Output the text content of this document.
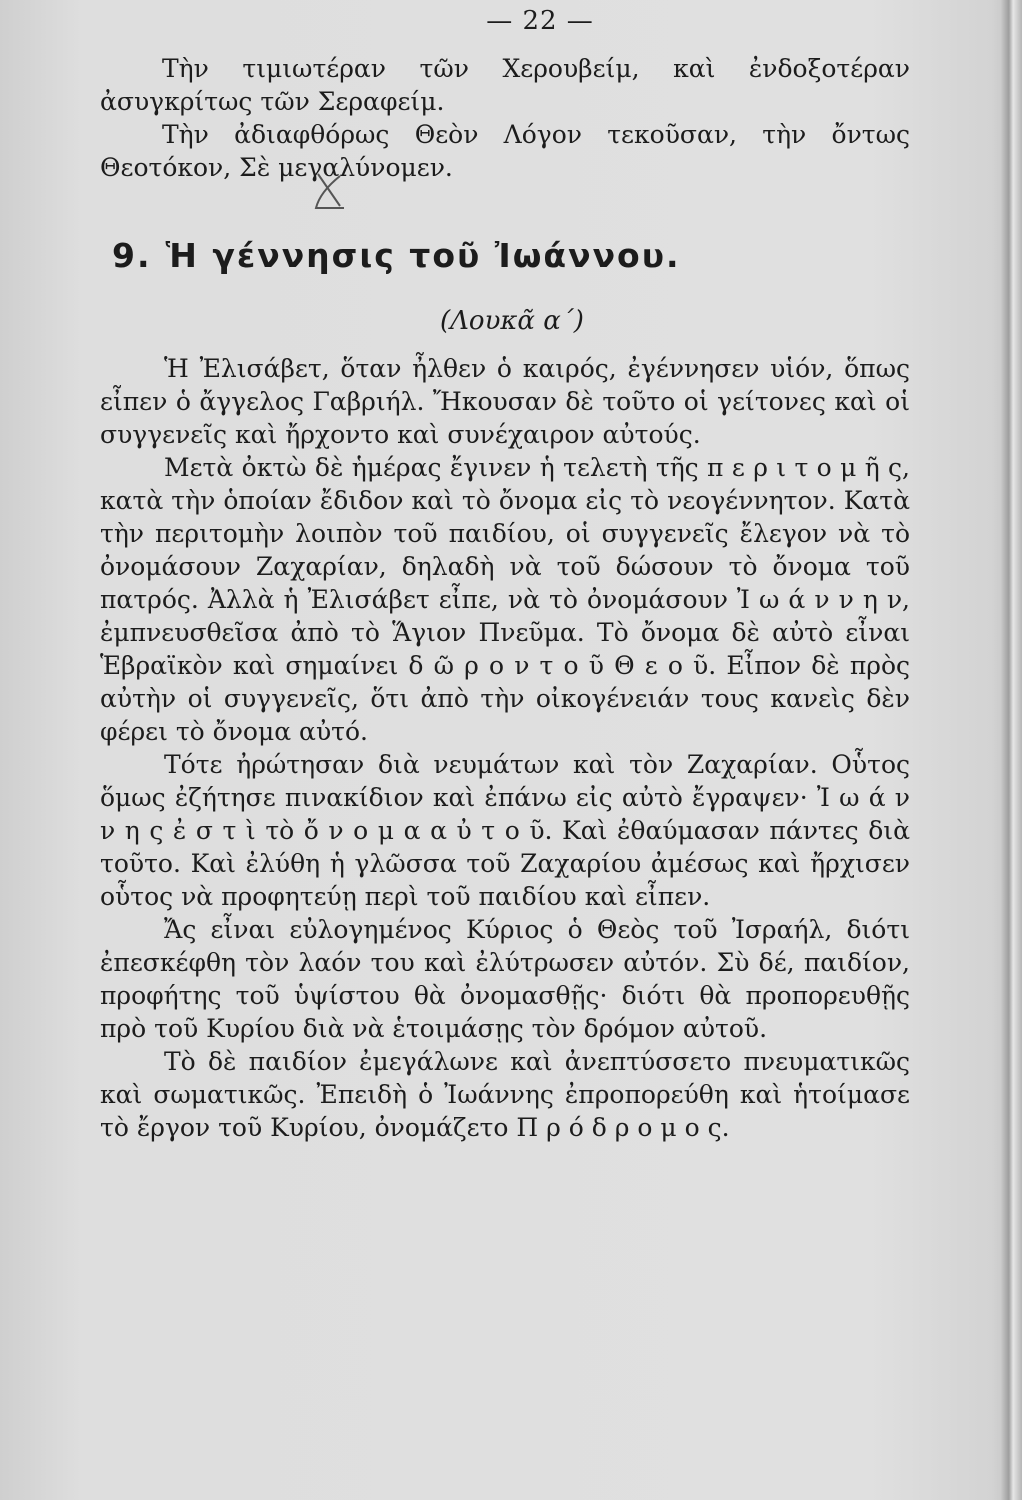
— 22 —

Τὴν τιμιωτέραν τῶν Χερουβείμ, καὶ ἐνδοξοτέραν ἀσυγκρίτως τῶν Σεραφείμ.

Τὴν ἀδιαφθόρως Θεὸν Λόγον τεκοῦσαν, τὴν ὄντως Θεοτόκον, Σὲ μεγαλύνομεν.

9. Ἡ γέννησις τοῦ Ἰωάννου.
(Λουκᾶ α΄)

Ἡ Ἐλισάβετ, ὅταν ἦλθεν ὁ καιρός, ἐγέννησεν υἱόν, ὅπως εἶπεν ὁ ἄγγελος Γαβριήλ. Ἤκουσαν δὲ τοῦτο οἱ γείτονες καὶ οἱ συγγενεῖς καὶ ἤρχοντο καὶ συνέχαιρον αὐτούς.

Μετὰ ὀκτὼ δὲ ἡμέρας ἔγινεν ἡ τελετὴ τῆς π ε ρ ι τ ο μ ῆ ς, κατὰ τὴν ὁποίαν ἔδιδον καὶ τὸ ὄνομα εἰς τὸ νεογέννητον. Κατὰ τὴν περιτομὴν λοιπὸν τοῦ παιδίου, οἱ συγγενεῖς ἔλεγον νὰ τὸ ὀνομάσουν Ζαχαρίαν, δηλαδὴ νὰ τοῦ δώσουν τὸ ὄνομα τοῦ πατρός. Ἀλλὰ ἡ Ἐλισάβετ εἶπε, νὰ τὸ ὀνομάσουν Ἰ ω ά ν ν η ν, ἐμπνευσθεῖσα ἀπὸ τὸ Ἅγιον Πνεῦμα. Τὸ ὄνομα δὲ αὐτὸ εἶναι Ἑβραϊκὸν καὶ σημαίνει δ ῶ ρ ο ν τ ο ῦ Θ ε ο ῦ. Εἶπον δὲ πρὸς αὐτὴν οἱ συγγενεῖς, ὅτι ἀπὸ τὴν οἰκογένειάν τους κανεὶς δὲν φέρει τὸ ὄνομα αὐτό.

Τότε ἠρώτησαν διὰ νευμάτων καὶ τὸν Ζαχαρίαν. Οὗτος ὅμως ἐζήτησε πινακίδιον καὶ ἐπάνω εἰς αὐτὸ ἔγραψεν· Ἰ ω ά ν ν η ς ἐ σ τ ὶ τὸ ὄ ν ο μ α α ὐ τ ο ῦ. Καὶ ἐθαύμασαν πάντες διὰ τοῦτο. Καὶ ἐλύθη ἡ γλῶσσα τοῦ Ζαχαρίου ἀμέσως καὶ ἤρχισεν οὗτος νὰ προφητεύῃ περὶ τοῦ παιδίου καὶ εἶπεν.

Ἄς εἶναι εὐλογημένος Κύριος ὁ Θεὸς τοῦ Ἰσραήλ, διότι ἐπεσκέφθη τὸν λαόν του καὶ ἐλύτρωσεν αὐτόν. Σὺ δέ, παιδίον, προφήτης τοῦ ὑψίστου θὰ ὀνομασθῇς· διότι θὰ προπορευθῇς πρὸ τοῦ Κυρίου διὰ νὰ ἑτοιμάσῃς τὸν δρόμον αὐτοῦ.

Τὸ δὲ παιδίον ἐμεγάλωνε καὶ ἀνεπτύσσετο πνευματικῶς καὶ σωματικῶς. Ἐπειδὴ ὁ Ἰωάννης ἐπροπορεύθη καὶ ἡτοίμασε τὸ ἔργον τοῦ Κυρίου, ὀνομάζετο Π ρ ό δ ρ ο μ ο ς.
